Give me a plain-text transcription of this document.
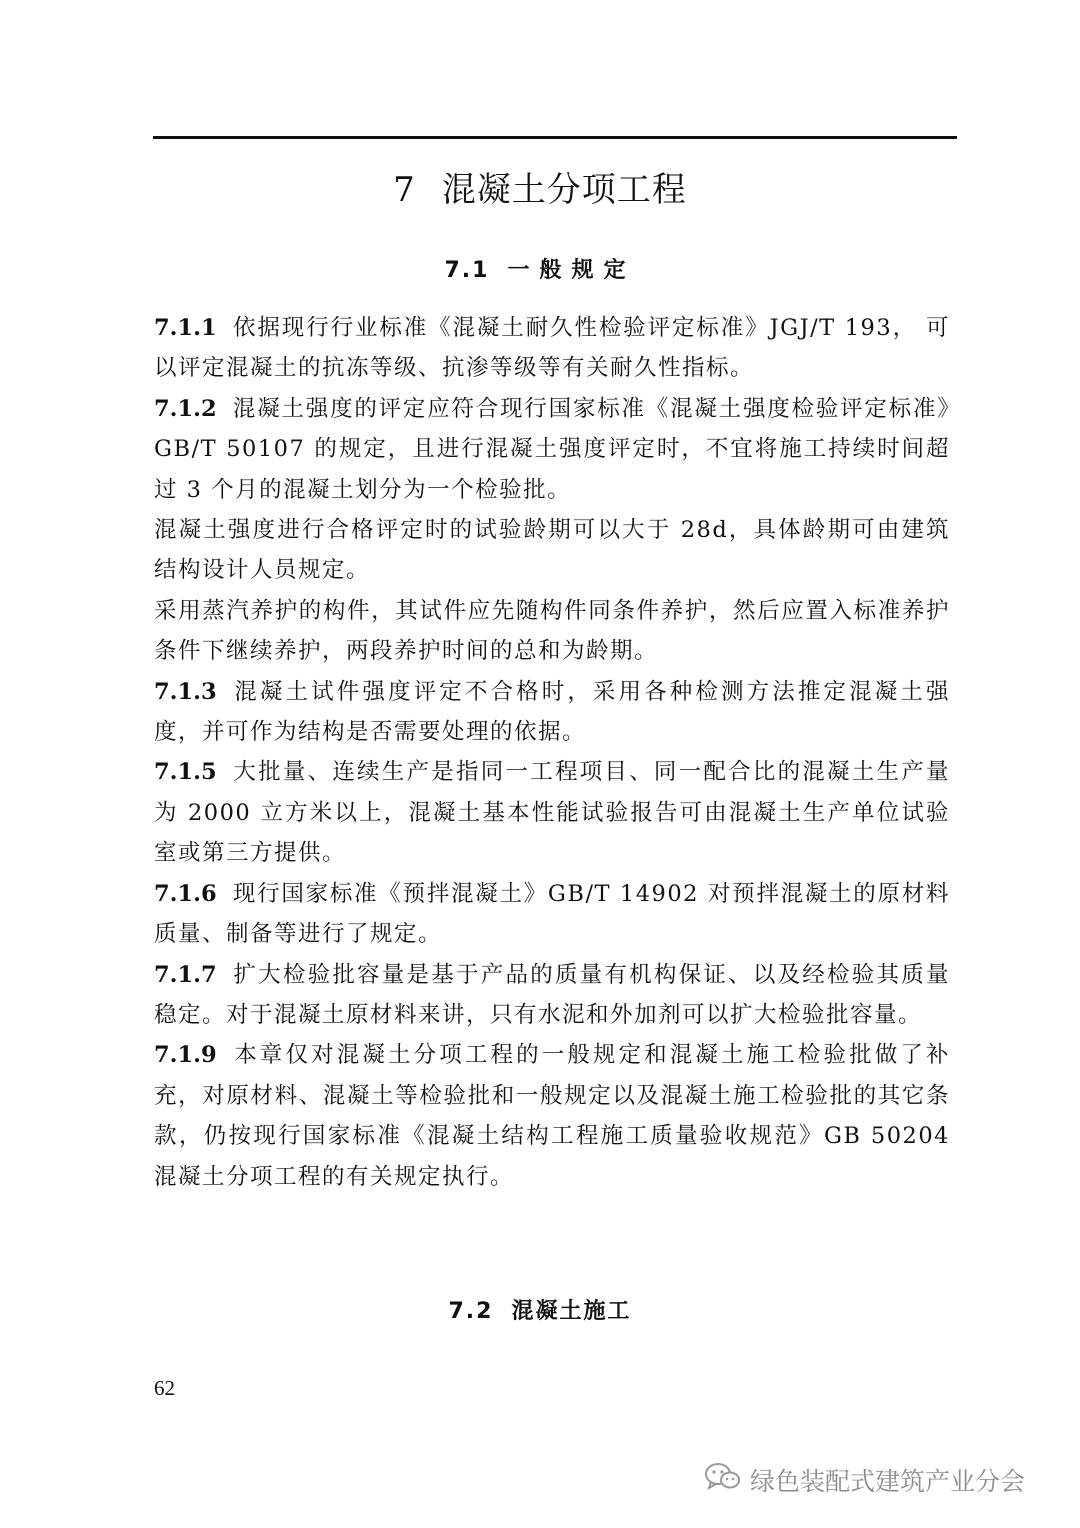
7 混凝土分项工程
7.1 一般规定

7.1.1 依据现行行业标准《混凝土耐久性检验评定标准》JGJ/T 193， 可以评定混凝土的抗冻等级、抗渗等级等有关耐久性指标。

7.1.2 混凝土强度的评定应符合现行国家标准《混凝土强度检验评定标准》GB/T 50107 的规定，且进行混凝土强度评定时，不宜将施工持续时间超过 3 个月的混凝土划分为一个检验批。

混凝土强度进行合格评定时的试验龄期可以大于 28d，具体龄期可由建筑结构设计人员规定。

采用蒸汽养护的构件，其试件应先随构件同条件养护，然后应置入标准养护条件下继续养护，两段养护时间的总和为龄期。

7.1.3 混凝土试件强度评定不合格时，采用各种检测方法推定混凝土强度，并可作为结构是否需要处理的依据。

7.1.5 大批量、连续生产是指同一工程项目、同一配合比的混凝土生产量为 2000 立方米以上，混凝土基本性能试验报告可由混凝土生产单位试验室或第三方提供。

7.1.6 现行国家标准《预拌混凝土》GB/T 14902 对预拌混凝土的原材料质量、制备等进行了规定。

7.1.7 扩大检验批容量是基于产品的质量有机构保证、以及经检验其质量稳定。对于混凝土原材料来讲，只有水泥和外加剂可以扩大检验批容量。

7.1.9 本章仅对混凝土分项工程的一般规定和混凝土施工检验批做了补充，对原材料、混凝土等检验批和一般规定以及混凝土施工检验批的其它条款，仍按现行国家标准《混凝土结构工程施工质量验收规范》GB 50204 混凝土分项工程的有关规定执行。

7.2 混凝土施工
62
绿色装配式建筑产业分会
